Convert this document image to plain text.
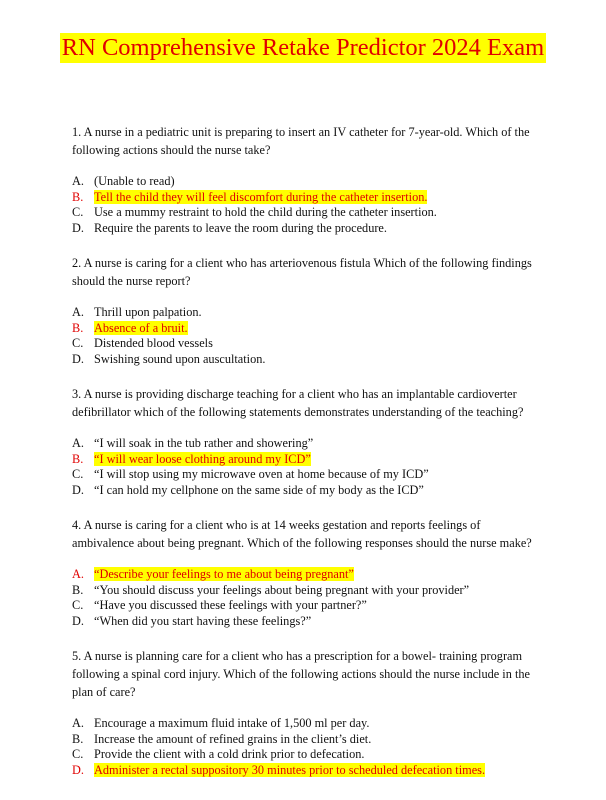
RN Comprehensive Retake Predictor 2024 Exam

1. A nurse in a pediatric unit is preparing to insert an IV catheter for 7-year-old. Which of the following actions should the nurse take?

A. (Unable to read)
B. Tell the child they will feel discomfort during the catheter insertion.
C. Use a mummy restraint to hold the child during the catheter insertion.
D. Require the parents to leave the room during the procedure.

2. A nurse is caring for a client who has arteriovenous fistula Which of the following findings should the nurse report?

A. Thrill upon palpation.
B. Absence of a bruit.
C. Distended blood vessels
D. Swishing sound upon auscultation.

3. A nurse is providing discharge teaching for a client who has an implantable cardioverter defibrillator which of the following statements demonstrates understanding of the teaching?

A. “I will soak in the tub rather and showering”
B. “I will wear loose clothing around my ICD”
C. “I will stop using my microwave oven at home because of my ICD”
D. “I can hold my cellphone on the same side of my body as the ICD”

4. A nurse is caring for a client who is at 14 weeks gestation and reports feelings of ambivalence about being pregnant. Which of the following responses should the nurse make?

A. “Describe your feelings to me about being pregnant”
B. “You should discuss your feelings about being pregnant with your provider”
C. “Have you discussed these feelings with your partner?”
D. “When did you start having these feelings?”

5. A nurse is planning care for a client who has a prescription for a bowel- training program following a spinal cord injury. Which of the following actions should the nurse include in the plan of care?

A. Encourage a maximum fluid intake of 1,500 ml per day.
B. Increase the amount of refined grains in the client’s diet.
C. Provide the client with a cold drink prior to defecation.
D. Administer a rectal suppository 30 minutes prior to scheduled defecation times.
